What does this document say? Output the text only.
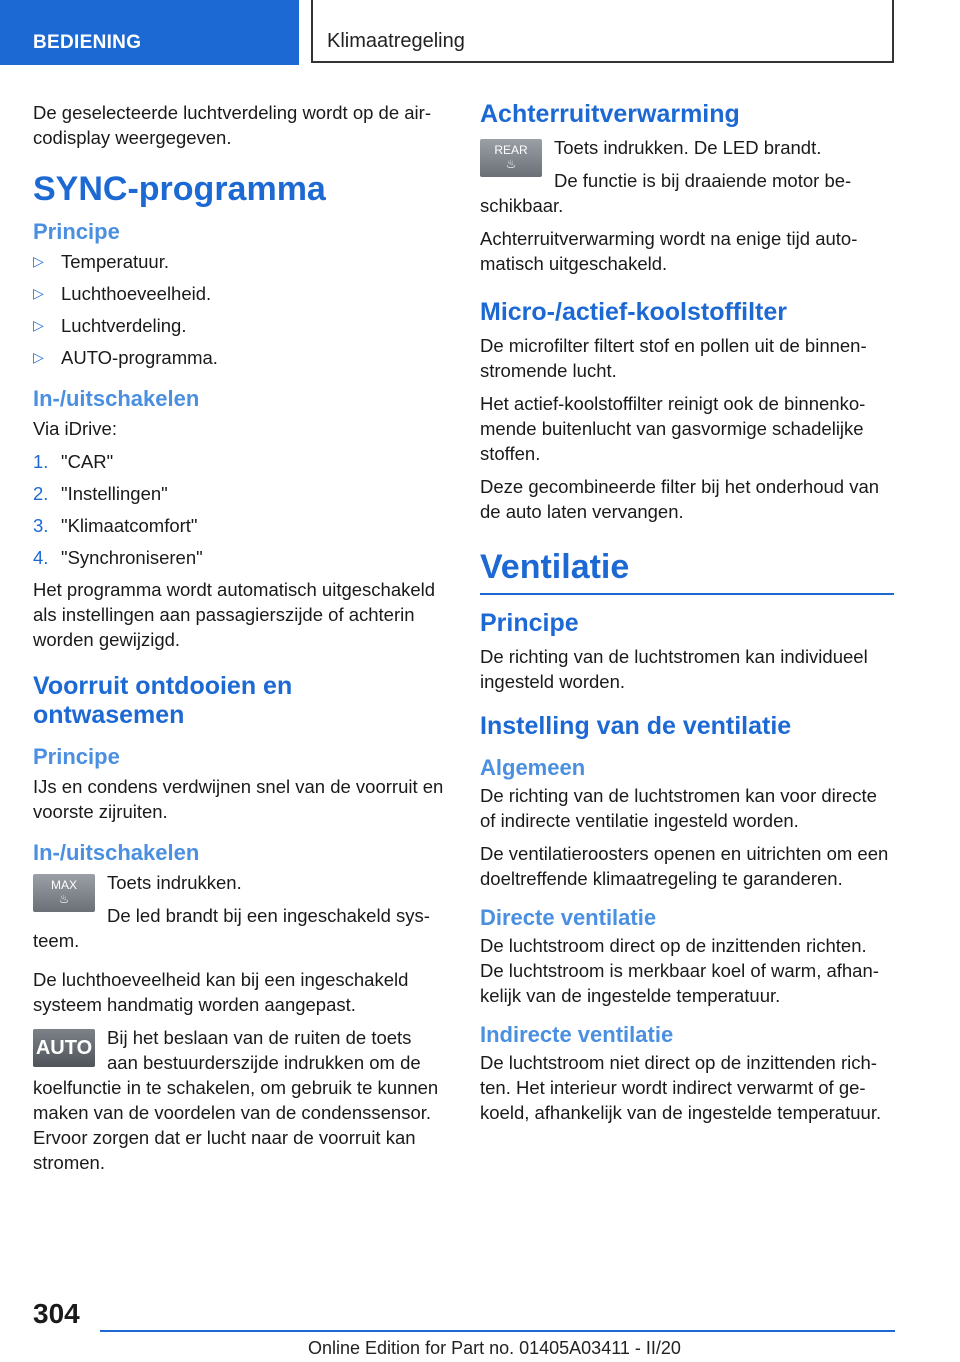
BEDIENING	Klimaatregeling

De geselecteerde luchtverdeling wordt op de aircodisplay weergegeven.

SYNC-programma
Principe
▷ Temperatuur.
▷ Luchthoeveelheid.
▷ Luchtverdeling.
▷ AUTO-programma.
In-/uitschakelen

Via iDrive:

1. "CAR"
2. "Instellingen"
3. "Klimaatcomfort"
4. "Synchroniseren"

Het programma wordt automatisch uitgeschakeld als instellingen aan passagierszijde of achterin worden gewijzigd.

Voorruit ontdooien en ontwasemen
Principe

IJs en condens verdwijnen snel van de voorruit en voorste zijruiten.

In-/uitschakelen
MAX
♨

Toets indrukken.

De led brandt bij een ingeschakeld systeem.

De luchthoeveelheid kan bij een ingeschakeld systeem handmatig worden aangepast.

AUTO Bij het beslaan van de ruiten de toets aan bestuurderszijde indrukken om de koelfunctie in te schakelen, om gebruik te kunnen maken van de voordelen van de condenssensor. Ervoor zorgen dat er lucht naar de voorruit kan stromen.

Achterruitverwarming
REAR
♨

Toets indrukken. De LED brandt.

De functie is bij draaiende motor beschikbaar.

Achterruitverwarming wordt na enige tijd automatisch uitgeschakeld.

Micro-/actief-koolstoffilter

De microfilter filtert stof en pollen uit de binnenstromende lucht.

Het actief-koolstoffilter reinigt ook de binnenkomende buitenlucht van gasvormige schadelijke stoffen.

Deze gecombineerde filter bij het onderhoud van de auto laten vervangen.

Ventilatie
Principe

De richting van de luchtstromen kan individueel ingesteld worden.

Instelling van de ventilatie
Algemeen

De richting van de luchtstromen kan voor directe of indirecte ventilatie ingesteld worden.

De ventilatieroosters openen en uitrichten om een doeltreffende klimaatregeling te garanderen.

Directe ventilatie

De luchtstroom direct op de inzittenden richten. De luchtstroom is merkbaar koel of warm, afhankelijk van de ingestelde temperatuur.

Indirecte ventilatie

De luchtstroom niet direct op de inzittenden richten. Het interieur wordt indirect verwarmt of gekoeld, afhankelijk van de ingestelde temperatuur.

304
Online Edition for Part no. 01405A03411 - II/20
